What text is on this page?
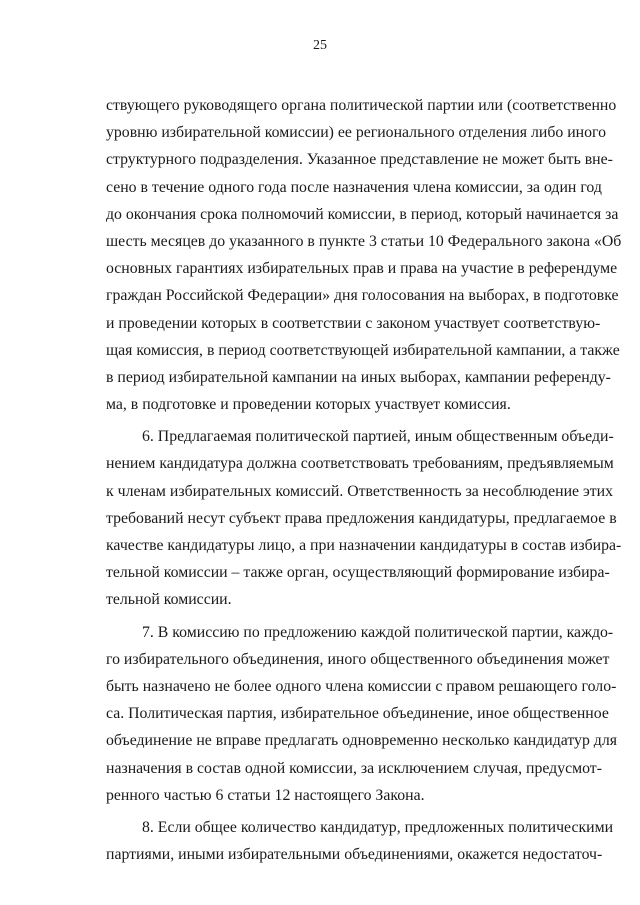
25
ствующего руководящего органа политической партии или (соответственно
уровню избирательной комиссии) ее регионального отделения либо иного
структурного подразделения. Указанное представление не может быть вне-
сено в течение одного года после назначения члена комиссии, за один год
до окончания срока полномочий комиссии, в период, который начинается за
шесть месяцев до указанного в пункте 3 статьи 10 Федерального закона «Об
основных гарантиях избирательных прав и права на участие в референдуме
граждан Российской Федерации» дня голосования на выборах, в подготовке
и проведении которых в соответствии с законом участвует соответствую-
щая комиссия, в период соответствующей избирательной кампании, а также
в период избирательной кампании на иных выборах, кампании референду-
ма, в подготовке и проведении которых участвует комиссия.
6. Предлагаемая политической партией, иным общественным объеди-
нением кандидатура должна соответствовать требованиям, предъявляемым
к членам избирательных комиссий. Ответственность за несоблюдение этих
требований несут субъект права предложения кандидатуры, предлагаемое в
качестве кандидатуры лицо, а при назначении кандидатуры в состав избира-
тельной комиссии – также орган, осуществляющий формирование избира-
тельной комиссии.
7. В комиссию по предложению каждой политической партии, каждо-
го избирательного объединения, иного общественного объединения может
быть назначено не более одного члена комиссии с правом решающего голо-
са. Политическая партия, избирательное объединение, иное общественное
объединение не вправе предлагать одновременно несколько кандидатур для
назначения в состав одной комиссии, за исключением случая, предусмот-
ренного частью 6 статьи 12 настоящего Закона.
8. Если общее количество кандидатур, предложенных политическими
партиями, иными избирательными объединениями, окажется недостаточ-
